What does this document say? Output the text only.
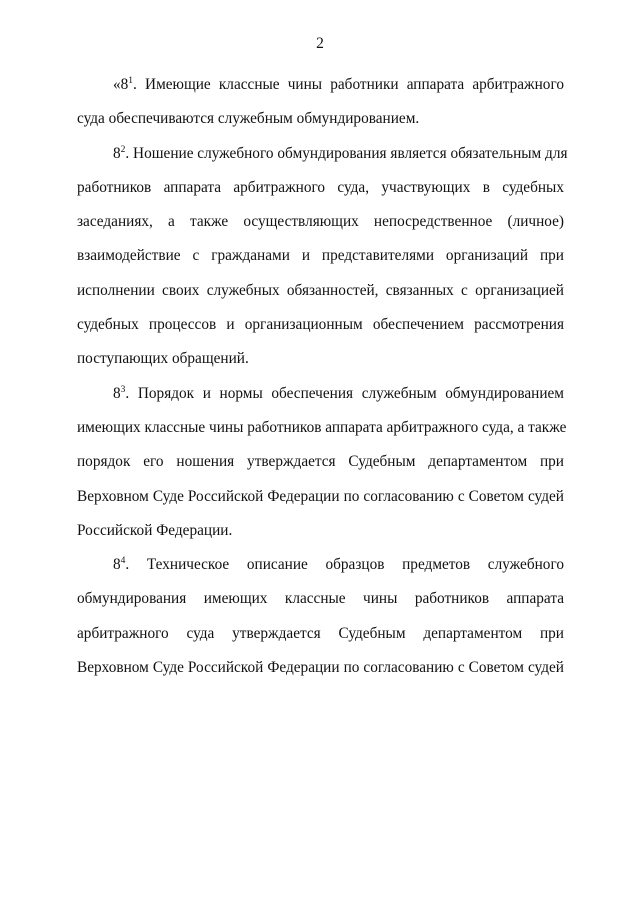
2
«$8^1$. Имеющие классные чины работники аппарата арбитражного
суда обеспечиваются служебным обмундированием.
$8^2$. Ношение служебного обмундирования является обязательным для
работников аппарата арбитражного суда, участвующих в судебных
заседаниях, а также осуществляющих непосредственное (личное)
взаимодействие с гражданами и представителями организаций при
исполнении своих служебных обязанностей, связанных с организацией
судебных процессов и организационным обеспечением рассмотрения
поступающих обращений.
$8^3$. Порядок и нормы обеспечения служебным обмундированием
имеющих классные чины работников аппарата арбитражного суда, а также
порядок его ношения утверждается Судебным департаментом при
Верховном Суде Российской Федерации по согласованию с Советом судей
Российской Федерации.
$8^4$. Техническое описание образцов предметов служебного
обмундирования имеющих классные чины работников аппарата
арбитражного суда утверждается Судебным департаментом при
Верховном Суде Российской Федерации по согласованию с Советом судей
